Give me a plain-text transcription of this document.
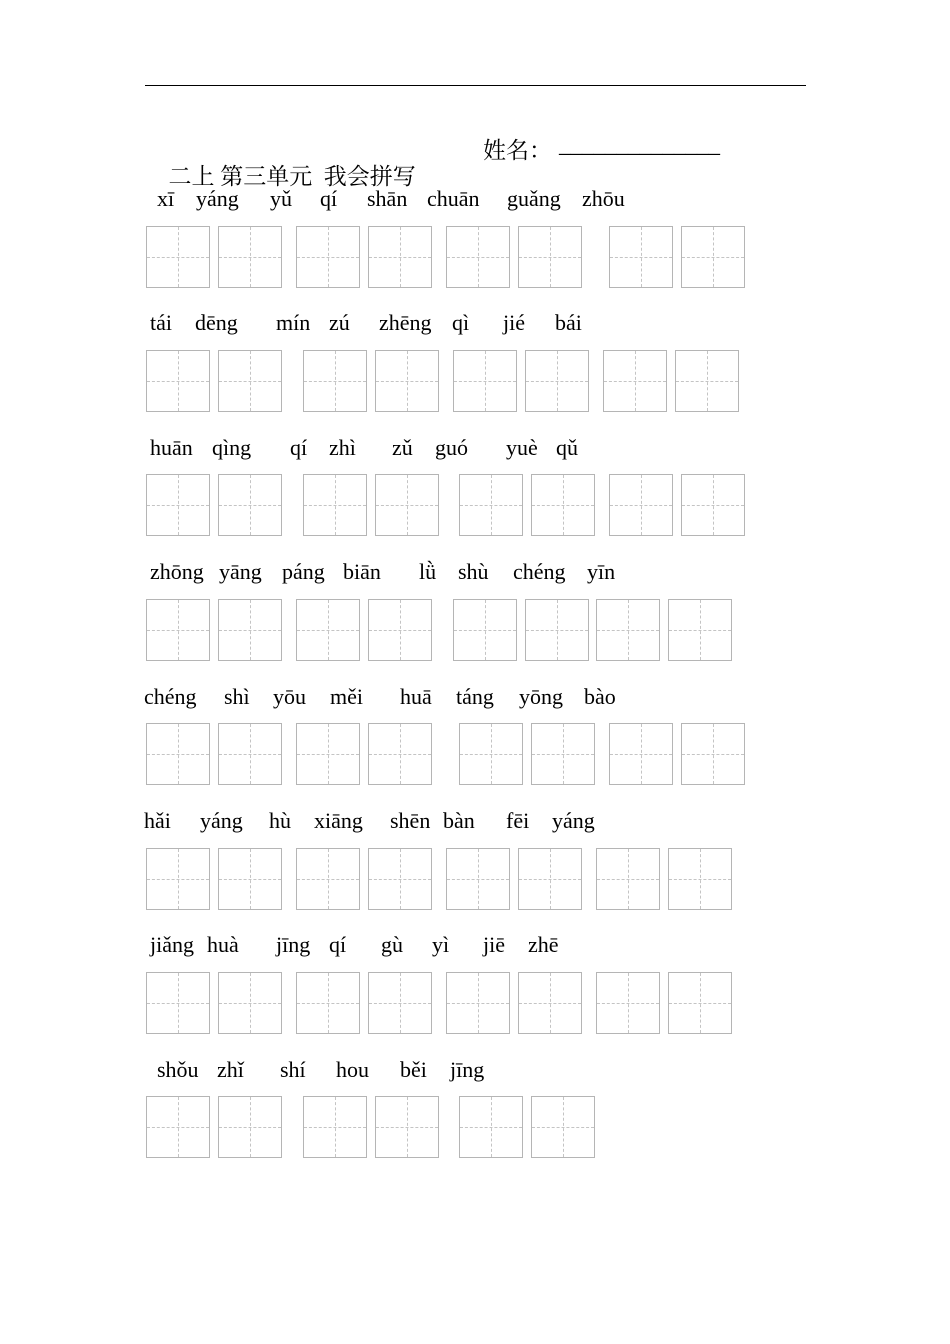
二上 第三单元  我会拼写

姓名：

______________

xī yáng yǔ qí shān chuān guǎng zhōu
tái dēng mín zú zhēng qì jié bái
huān qìng qí zhì zǔ guó yuè qǔ
zhōng yāng páng biān lǜ shù chéng yīn
chéng shì yōu měi huā táng yōng bào
hǎi yáng hù xiāng shēn bàn fēi yáng
jiǎng huà jīng qí gù yì jiē zhē
shǒu zhǐ shí hou běi jīng
